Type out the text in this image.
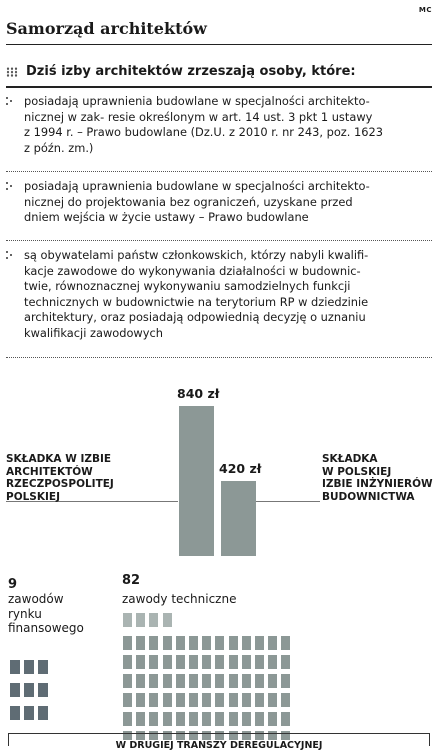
MC
Samorząd architektów
Dziś izby architektów zrzeszają osoby, które:
posiadają uprawnienia budowlane w specjalności architekto-
nicznej w zak- resie określonym w art. 14 ust. 3 pkt 1 ustawy
z 1994 r. – Prawo budowlane (Dz.U. z 2010 r. nr 243, poz. 1623
z późn. zm.)
posiadają uprawnienia budowlane w specjalności architekto-
nicznej do projektowania bez ograniczeń, uzyskane przed
dniem wejścia w życie ustawy – Prawo budowlane
są obywatelami państw członkowskich, którzy nabyli kwalifi-
kacje zawodowe do wykonywania działalności w budownic-
twie, równoznacznej wykonywaniu samodzielnych funkcji
technicznych w budownictwie na terytorium RP w dziedzinie
architektury, oraz posiadają odpowiednią decyzję o uznaniu
kwalifikacji zawodowych
840 zł
420 zł
SKŁADKA W IZBIE
ARCHITEKTÓW
RZECZPOSPOLITEJ
POLSKIEJ
SKŁADKA
W POLSKIEJ
IZBIE INŻYNIERÓW
BUDOWNICTWA
9
zawodów
rynku
finansowego
82
zawody techniczne
W DRUGIEJ TRANSZY DEREGULACYJNEJ
